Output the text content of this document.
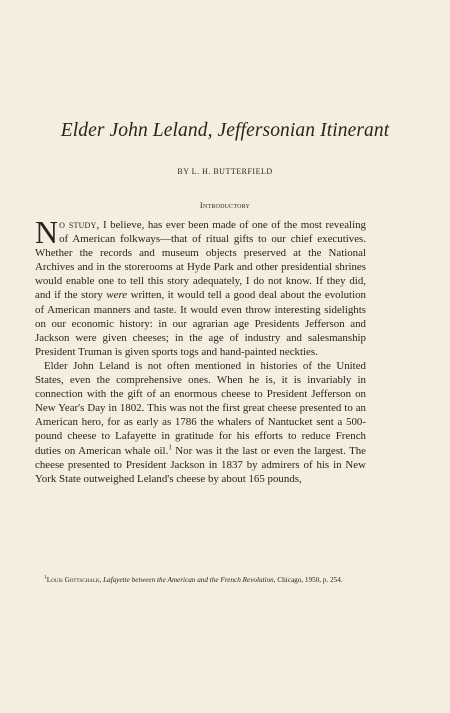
Elder John Leland, Jeffersonian Itinerant
BY L. H. BUTTERFIELD
Introductory

No study, I believe, has ever been made of one of the most revealing of American folkways—that of ritual gifts to our chief executives. Whether the records and museum objects preserved at the National Archives and in the storerooms at Hyde Park and other presidential shrines would enable one to tell this story adequately, I do not know. If they did, and if the story were written, it would tell a good deal about the evolution of American manners and taste. It would even throw interesting sidelights on our economic history: in our agrarian age Presidents Jefferson and Jackson were given cheeses; in the age of industry and salesmanship President Truman is given sports togs and hand-painted neckties.

Elder John Leland is not often mentioned in histories of the United States, even the comprehensive ones. When he is, it is invariably in connection with the gift of an enormous cheese to President Jefferson on New Year's Day in 1802. This was not the first great cheese presented to an American hero, for as early as 1786 the whalers of Nantucket sent a 500-pound cheese to Lafayette in gratitude for his efforts to reduce French duties on American whale oil.$^1$ Nor was it the last or even the largest. The cheese presented to President Jackson in 1837 by admirers of his in New York State outweighed Leland's cheese by about 165 pounds,

$^1$Louis Gottschalk, Lafayette between the American and the French Revolution, Chicago, 1950, p. 254.
